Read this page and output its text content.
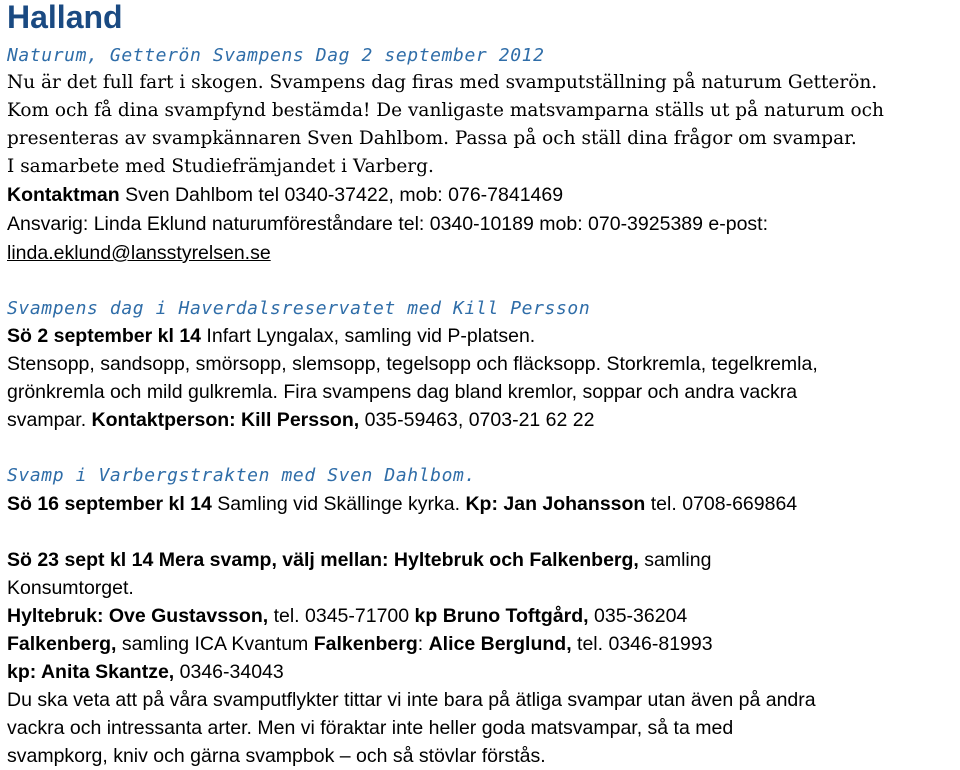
Halland
Naturum, Getterön Svampens Dag 2 september 2012
Nu är det full fart i skogen. Svampens dag firas med svamputställning på naturum Getterön.
Kom och få dina svampfynd bestämda! De vanligaste matsvamparna ställs ut på naturum och
presenteras av svampkännaren Sven Dahlbom. Passa på och ställ dina frågor om svampar.
I samarbete med Studiefrämjandet i Varberg.
Kontaktman Sven Dahlbom tel 0340-37422, mob: 076-7841469
Ansvarig: Linda Eklund naturumföreståndare tel: 0340-10189 mob: 070-3925389 e-post:
linda.eklund@lansstyrelsen.se
Svampens dag i Haverdalsreservatet med Kill Persson
Sö 2 september kl 14 Infart Lyngalax, samling vid P-platsen.
Stensopp, sandsopp, smörsopp, slemsopp, tegelsopp och fläcksopp. Storkremla, tegelkremla,
grönkremla och mild gulkremla. Fira svampens dag bland kremlor, soppar och andra vackra
svampar. Kontaktperson: Kill Persson, 035-59463, 0703-21 62 22
Svamp i Varbergstrakten med Sven Dahlbom.
Sö 16 september kl 14 Samling vid Skällinge kyrka. Kp: Jan Johansson tel. 0708-669864
Sö 23 sept kl 14 Mera svamp, välj mellan: Hyltebruk och Falkenberg, samling
Konsumtorget.
Hyltebruk: Ove Gustavsson, tel. 0345-71700 kp Bruno Toftgård, 035-36204
Falkenberg, samling ICA Kvantum Falkenberg: Alice Berglund, tel. 0346-81993
kp: Anita Skantze, 0346-34043
Du ska veta att på våra svamputflykter tittar vi inte bara på ätliga svampar utan även på andra
vackra och intressanta arter. Men vi föraktar inte heller goda matsvampar, så ta med
svampkorg, kniv och gärna svampbok – och så stövlar förstås.
